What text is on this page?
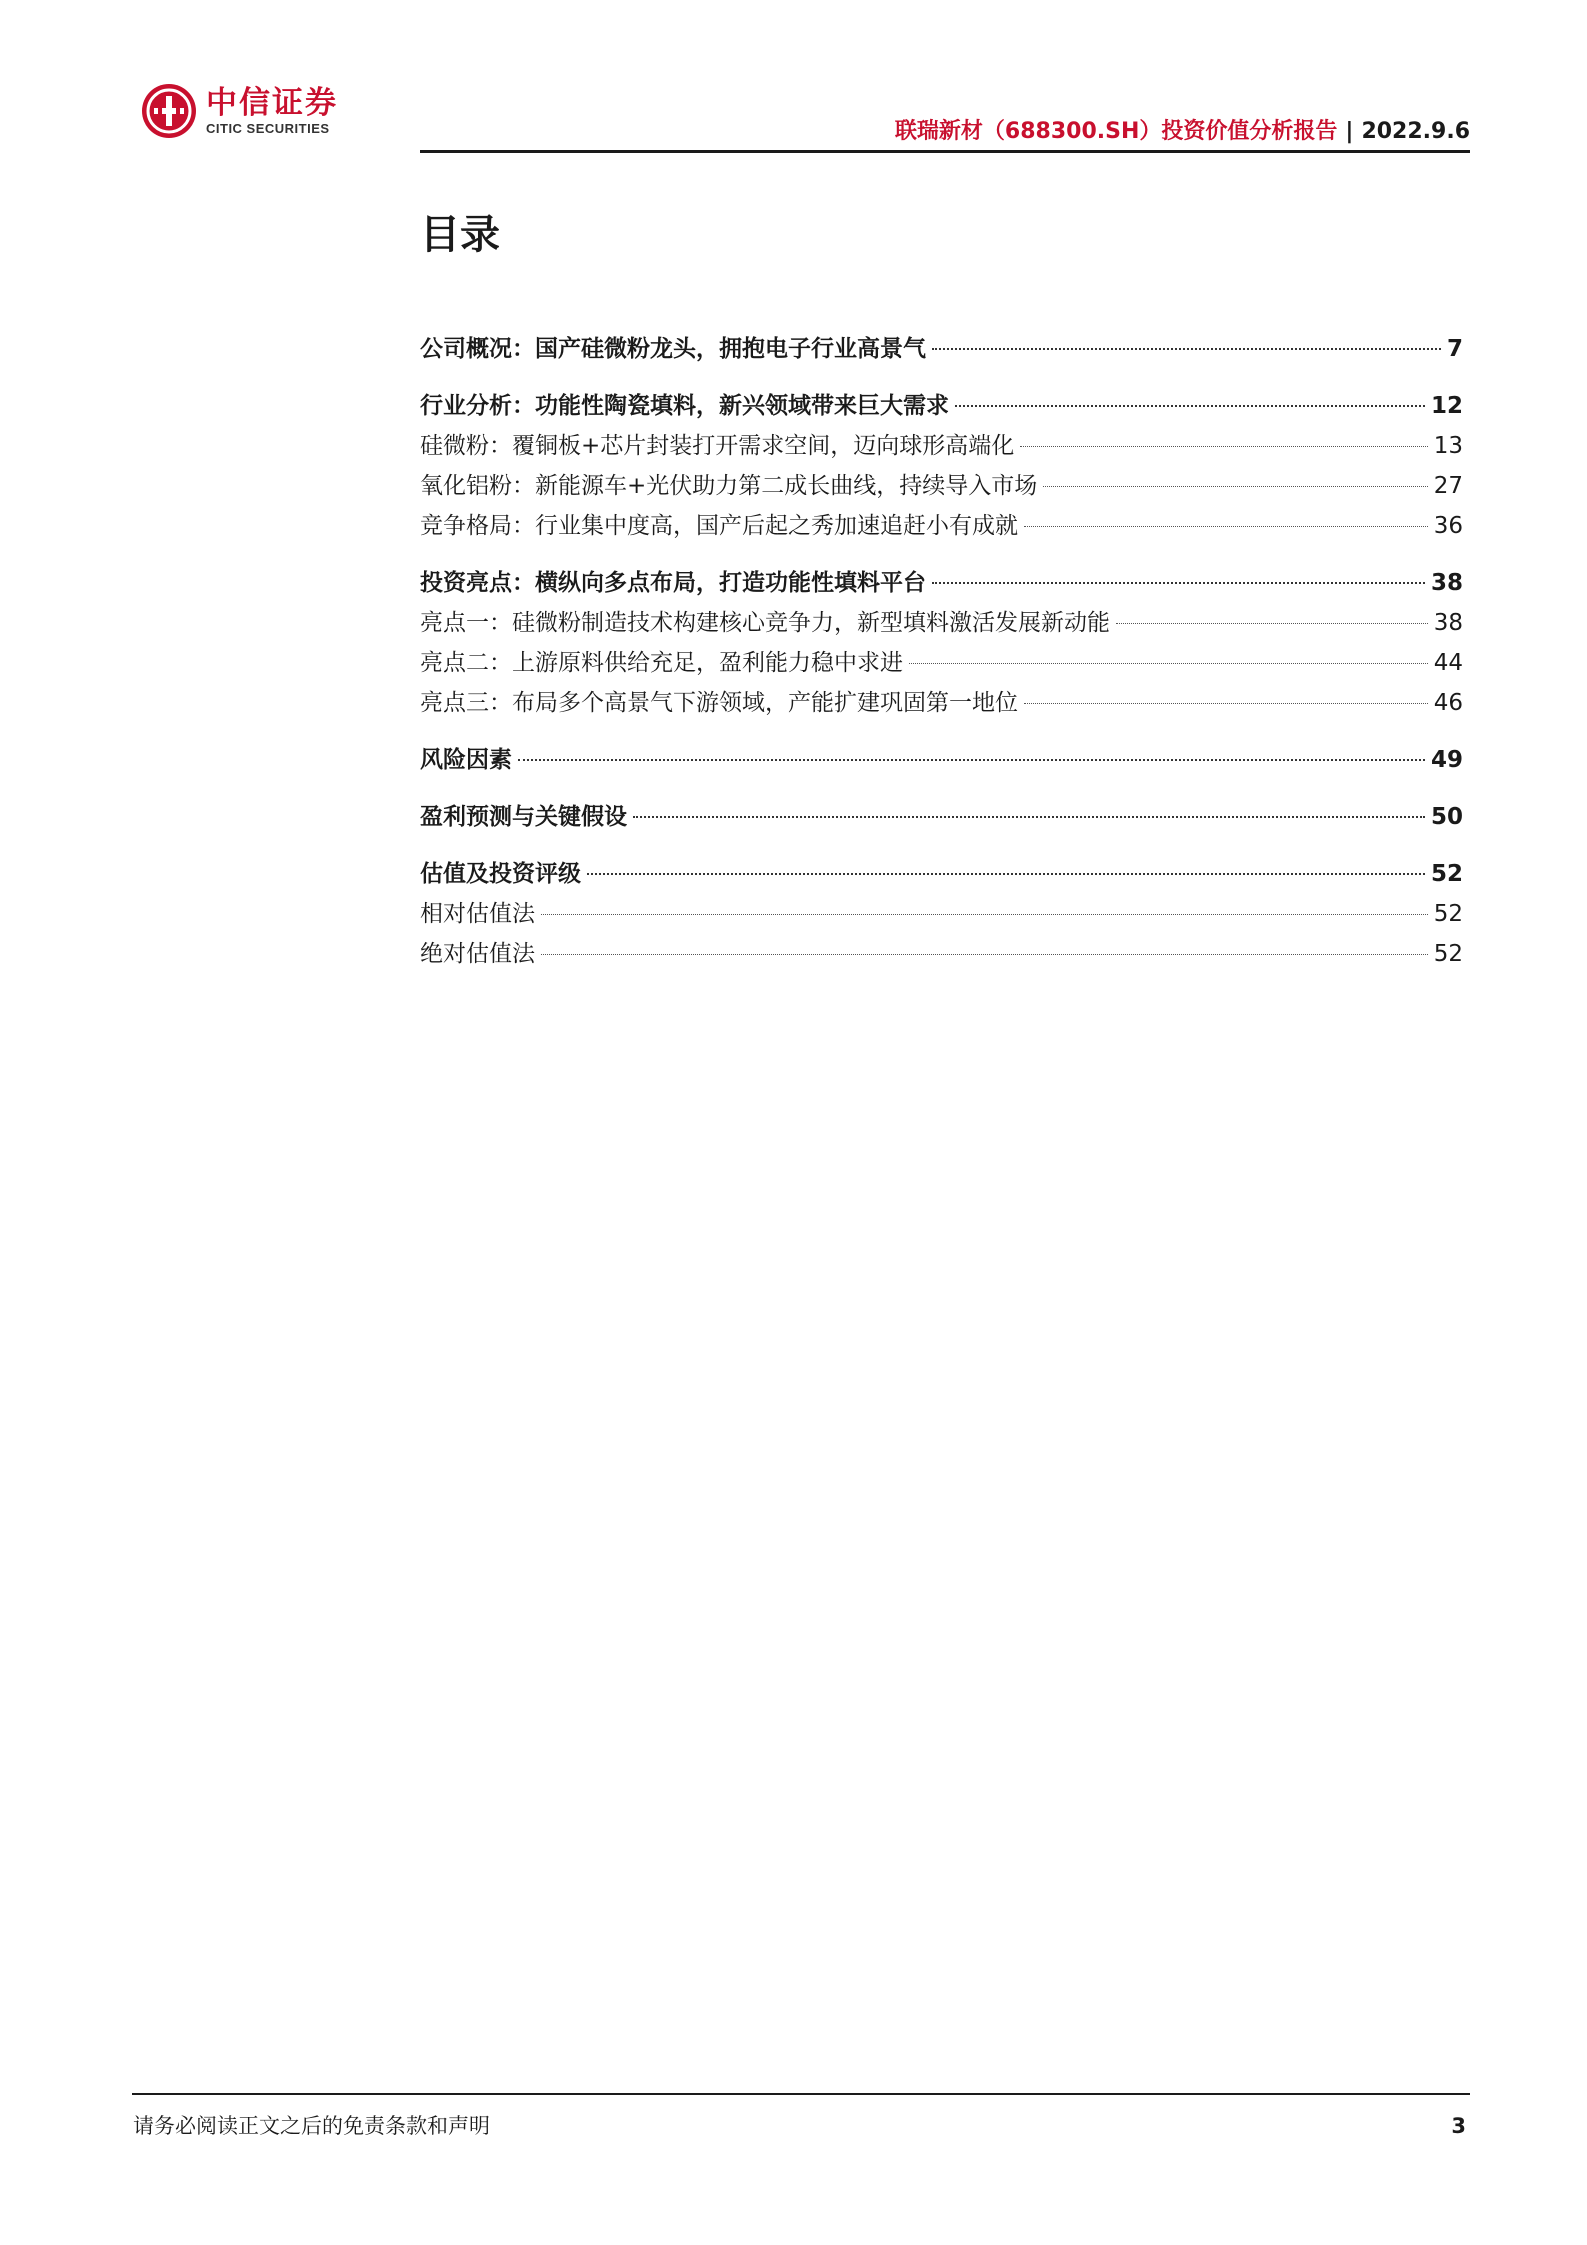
中信证券
CITIC SECURITIES	联瑞新材（688300.SH）投资价值分析报告 | 2022.9.6
目录
公司概况：国产硅微粉龙头，拥抱电子行业高景气	7
行业分析：功能性陶瓷填料，新兴领域带来巨大需求	12
硅微粉：覆铜板+芯片封装打开需求空间，迈向球形高端化	13
氧化铝粉：新能源车+光伏助力第二成长曲线，持续导入市场	27
竞争格局：行业集中度高，国产后起之秀加速追赶小有成就	36
投资亮点：横纵向多点布局，打造功能性填料平台	38
亮点一：硅微粉制造技术构建核心竞争力，新型填料激活发展新动能	38
亮点二：上游原料供给充足，盈利能力稳中求进	44
亮点三：布局多个高景气下游领域，产能扩建巩固第一地位	46
风险因素	49
盈利预测与关键假设	50
估值及投资评级	52
相对估值法	52
绝对估值法	52
请务必阅读正文之后的免责条款和声明	3
